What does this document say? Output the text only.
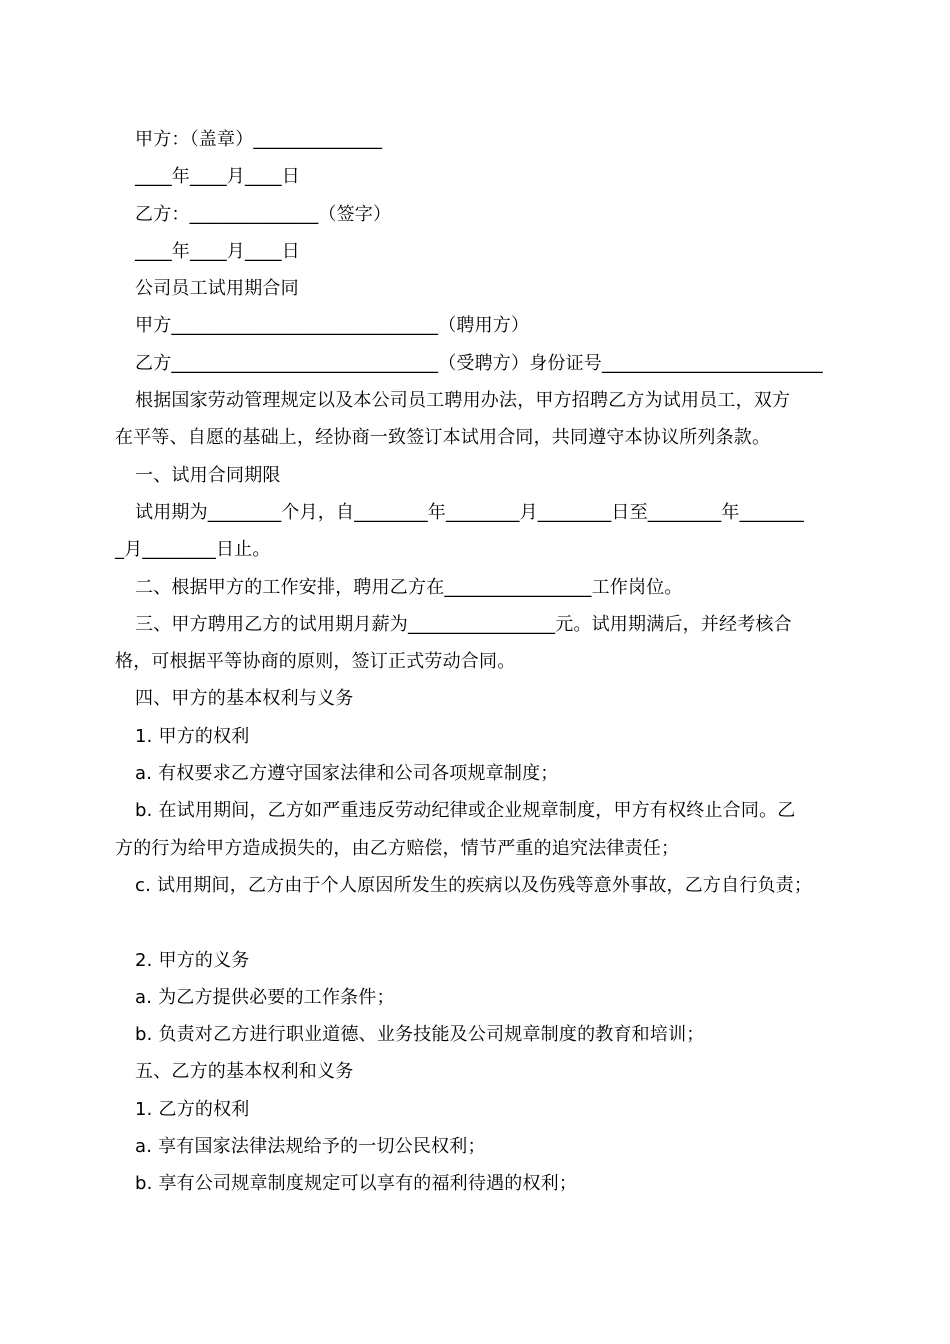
甲方：（盖章）______________
____年____月____日
乙方：______________（签字）
____年____月____日
公司员工试用期合同
甲方_____________________________（聘用方）
乙方_____________________________（受聘方）身份证号________________________
根据国家劳动管理规定以及本公司员工聘用办法，甲方招聘乙方为试用员工，双方
在平等、自愿的基础上，经协商一致签订本试用合同，共同遵守本协议所列条款。
一、试用合同期限
试用期为________个月，自________年________月________日至________年_______
_月________日止。
二、根据甲方的工作安排，聘用乙方在________________工作岗位。
三、甲方聘用乙方的试用期月薪为________________元。试用期满后，并经考核合
格，可根据平等协商的原则，签订正式劳动合同。
四、甲方的基本权利与义务
1. 甲方的权利
a. 有权要求乙方遵守国家法律和公司各项规章制度；
b. 在试用期间，乙方如严重违反劳动纪律或企业规章制度，甲方有权终止合同。乙
方的行为给甲方造成损失的，由乙方赔偿，情节严重的追究法律责任；
c. 试用期间，乙方由于个人原因所发生的疾病以及伤残等意外事故，乙方自行负责；
2. 甲方的义务
a. 为乙方提供必要的工作条件；
b. 负责对乙方进行职业道德、业务技能及公司规章制度的教育和培训；
五、乙方的基本权利和义务
1. 乙方的权利
a. 享有国家法律法规给予的一切公民权利；
b. 享有公司规章制度规定可以享有的福利待遇的权利；
